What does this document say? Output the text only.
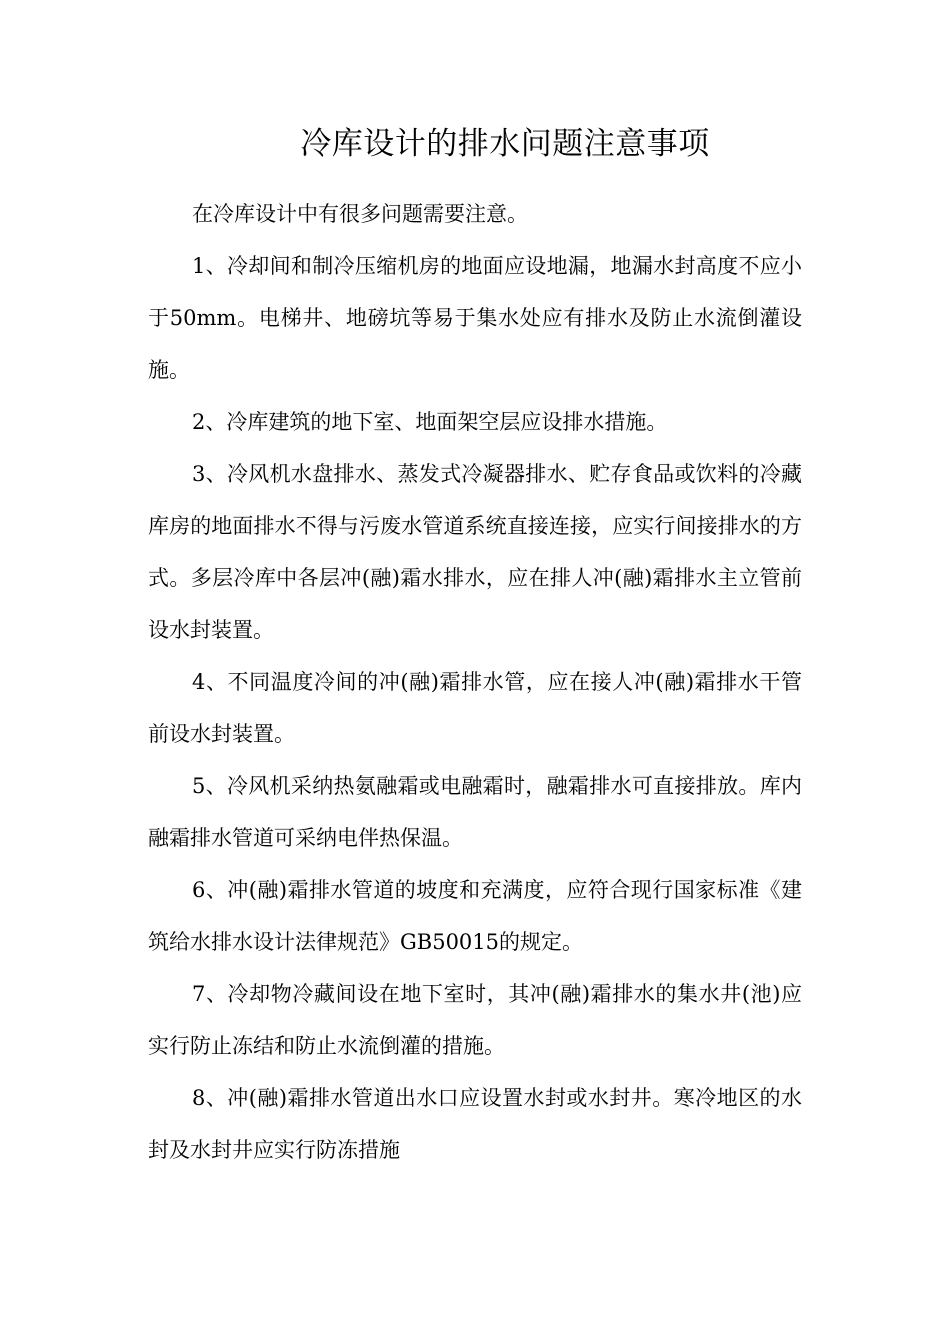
冷库设计的排水问题注意事项

在冷库设计中有很多问题需要注意。

1、冷却间和制冷压缩机房的地面应设地漏，地漏水封高度不应小于50mm。电梯井、地磅坑等易于集水处应有排水及防止水流倒灌设施。

2、冷库建筑的地下室、地面架空层应设排水措施。

3、冷风机水盘排水、蒸发式冷凝器排水、贮存食品或饮料的冷藏库房的地面排水不得与污废水管道系统直接连接，应实行间接排水的方式。多层冷库中各层冲(融)霜水排水，应在排人冲(融)霜排水主立管前设水封装置。

4、不同温度冷间的冲(融)霜排水管，应在接人冲(融)霜排水干管前设水封装置。

5、冷风机采纳热氨融霜或电融霜时，融霜排水可直接排放。库内融霜排水管道可采纳电伴热保温。

6、冲(融)霜排水管道的坡度和充满度，应符合现行国家标准《建筑给水排水设计法律规范》GB50015的规定。

7、冷却物冷藏间设在地下室时，其冲(融)霜排水的集水井(池)应实行防止冻结和防止水流倒灌的措施。

8、冲(融)霜排水管道出水口应设置水封或水封井。寒冷地区的水封及水封井应实行防冻措施
